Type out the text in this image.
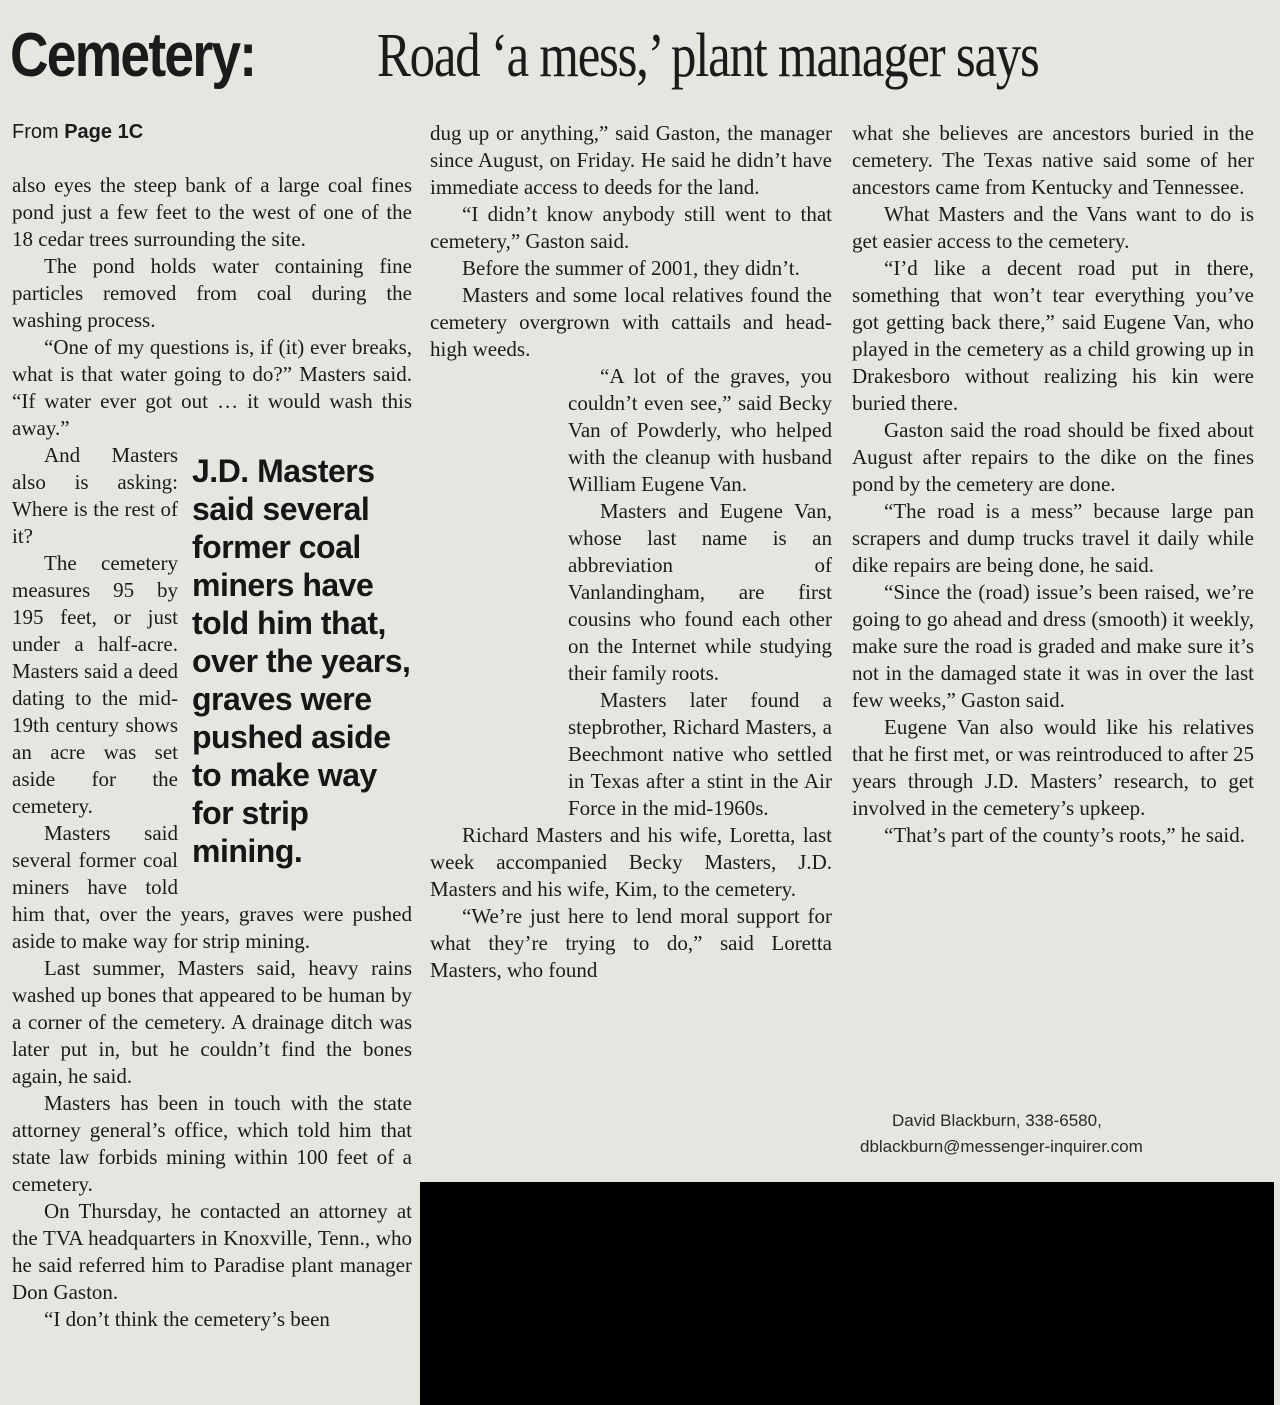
Cemetery: Road ‘a mess,’ plant manager says
From Page 1C

also eyes the steep bank of a large coal fines pond just a few feet to the west of one of the 18 cedar trees surrounding the site.

The pond holds water containing fine particles removed from coal during the washing process.

“One of my questions is, if (it) ever breaks, what is that water going to do?” Masters said. “If water ever got out … it would wash this away.”

J.D. Masters said several former coal miners have told him that, over the years, graves were pushed aside to make way for strip mining.

And Masters also is asking: Where is the rest of it?

The cemetery measures 95 by 195 feet, or just under a half-acre. Masters said a deed dating to the mid-19th century shows an acre was set aside for the cemetery.

Masters said several former coal miners have told him that, over the years, graves were pushed aside to make way for strip mining.

Last summer, Masters said, heavy rains washed up bones that appeared to be human by a corner of the cemetery. A drainage ditch was later put in, but he couldn’t find the bones again, he said.

Masters has been in touch with the state attorney general’s office, which told him that state law forbids mining within 100 feet of a cemetery.

On Thursday, he contacted an attorney at the TVA headquarters in Knoxville, Tenn., who he said referred him to Paradise plant manager Don Gaston.

“I don’t think the cemetery’s been

dug up or anything,” said Gaston, the manager since August, on Friday. He said he didn’t have immediate access to deeds for the land.

“I didn’t know anybody still went to that cemetery,” Gaston said.

Before the summer of 2001, they didn’t.

Masters and some local relatives found the cemetery overgrown with cattails and head-high weeds.

“A lot of the graves, you couldn’t even see,” said Becky Van of Powderly, who helped with the cleanup with husband William Eugene Van.

Masters and Eugene Van, whose last name is an abbreviation of Vanlandingham, are first cousins who found each other on the Internet while studying their family roots.

Masters later found a stepbrother, Richard Masters, a Beechmont native who settled in Texas after a stint in the Air Force in the mid-1960s.

Richard Masters and his wife, Loretta, last week accompanied Becky Masters, J.D. Masters and his wife, Kim, to the cemetery.

“We’re just here to lend moral support for what they’re trying to do,” said Loretta Masters, who found

what she believes are ancestors buried in the cemetery. The Texas native said some of her ancestors came from Kentucky and Tennessee.

What Masters and the Vans want to do is get easier access to the cemetery.

“I’d like a decent road put in there, something that won’t tear everything you’ve got getting back there,” said Eugene Van, who played in the cemetery as a child growing up in Drakesboro without realizing his kin were buried there.

Gaston said the road should be fixed about August after repairs to the dike on the fines pond by the cemetery are done.

“The road is a mess” because large pan scrapers and dump trucks travel it daily while dike repairs are being done, he said.

“Since the (road) issue’s been raised, we’re going to go ahead and dress (smooth) it weekly, make sure the road is graded and make sure it’s not in the damaged state it was in over the last few weeks,” Gaston said.

Eugene Van also would like his relatives that he first met, or was reintroduced to after 25 years through J.D. Masters’ research, to get involved in the cemetery’s upkeep.

“That’s part of the county’s roots,” he said.

David Blackburn, 338-6580,
dblackburn@messenger-inquirer.com
